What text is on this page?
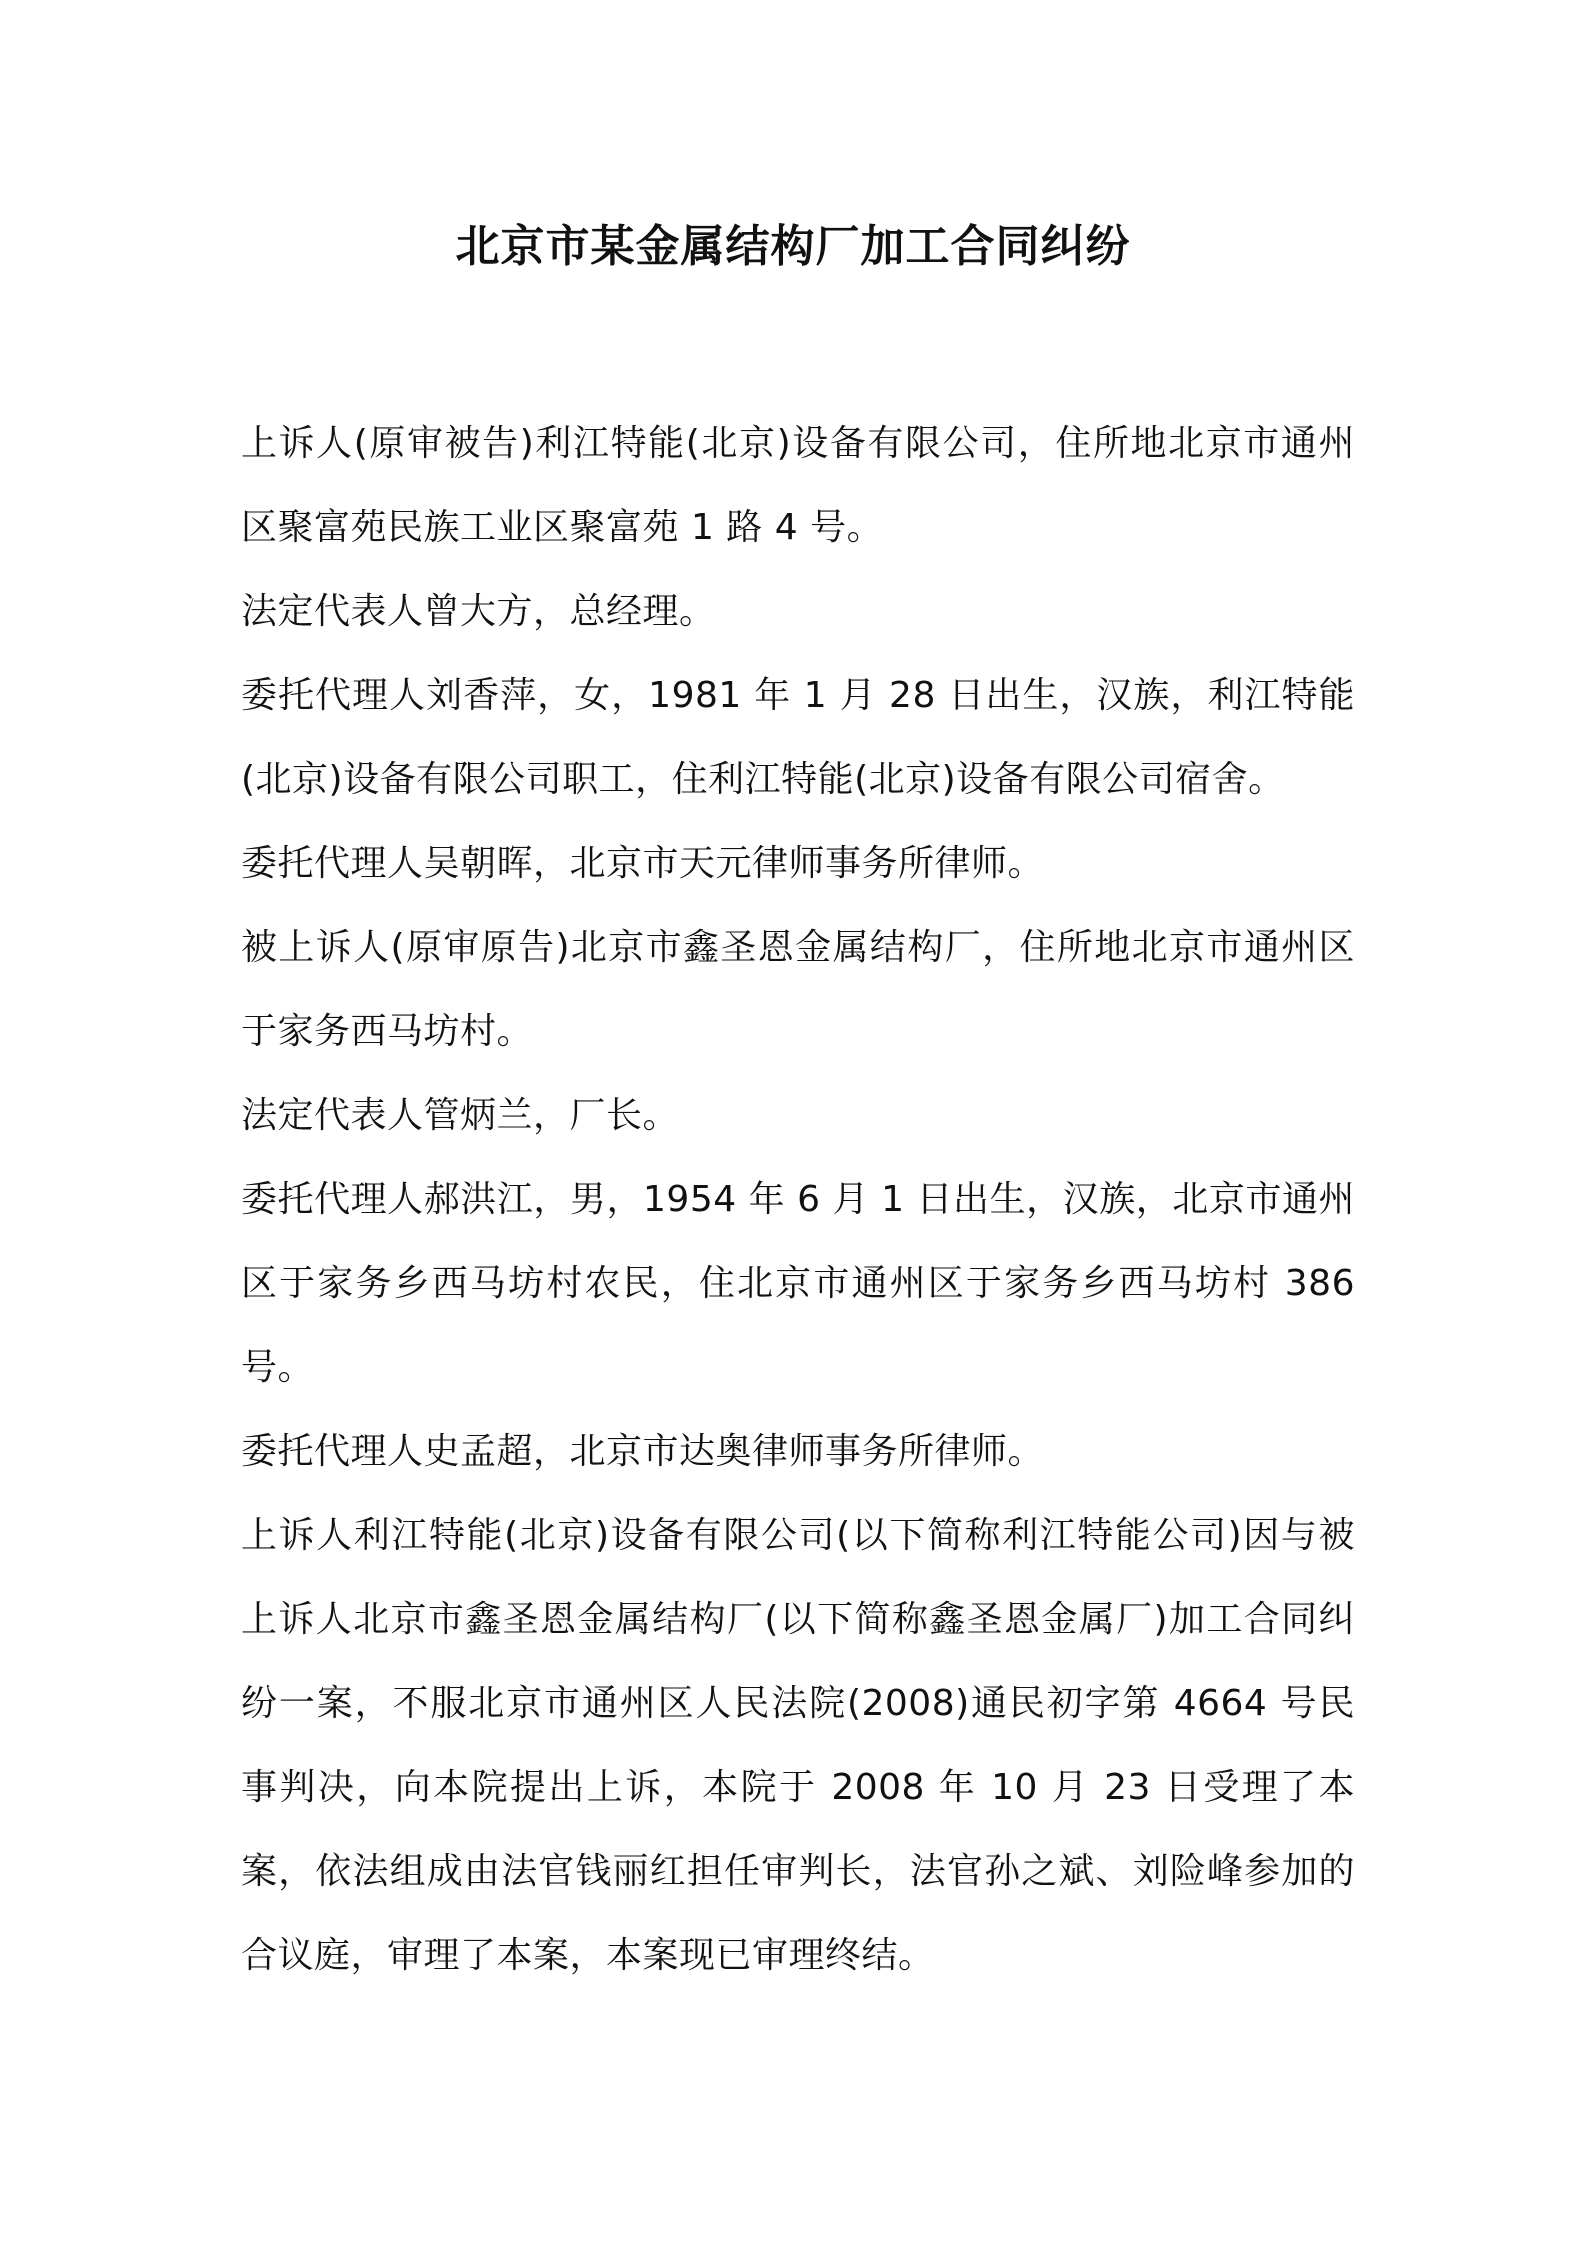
北京市某金属结构厂加工合同纠纷

上诉人(原审被告)利江特能(北京)设备有限公司，住所地北京市通州区聚富苑民族工业区聚富苑 1 路 4 号。

法定代表人曾大方，总经理。

委托代理人刘香萍，女，1981 年 1 月 28 日出生，汉族，利江特能(北京)设备有限公司职工，住利江特能(北京)设备有限公司宿舍。

委托代理人吴朝晖，北京市天元律师事务所律师。

被上诉人(原审原告)北京市鑫圣恩金属结构厂，住所地北京市通州区于家务西马坊村。

法定代表人管炳兰，厂长。

委托代理人郝洪江，男，1954 年 6 月 1 日出生，汉族，北京市通州区于家务乡西马坊村农民，住北京市通州区于家务乡西马坊村 386 号。

委托代理人史孟超，北京市达奥律师事务所律师。

上诉人利江特能(北京)设备有限公司(以下简称利江特能公司)因与被上诉人北京市鑫圣恩金属结构厂(以下简称鑫圣恩金属厂)加工合同纠纷一案，不服北京市通州区人民法院(2008)通民初字第 4664 号民事判决，向本院提出上诉，本院于 2008 年 10 月 23 日受理了本案，依法组成由法官钱丽红担任审判长，法官孙之斌、刘险峰参加的合议庭，审理了本案，本案现已审理终结。
